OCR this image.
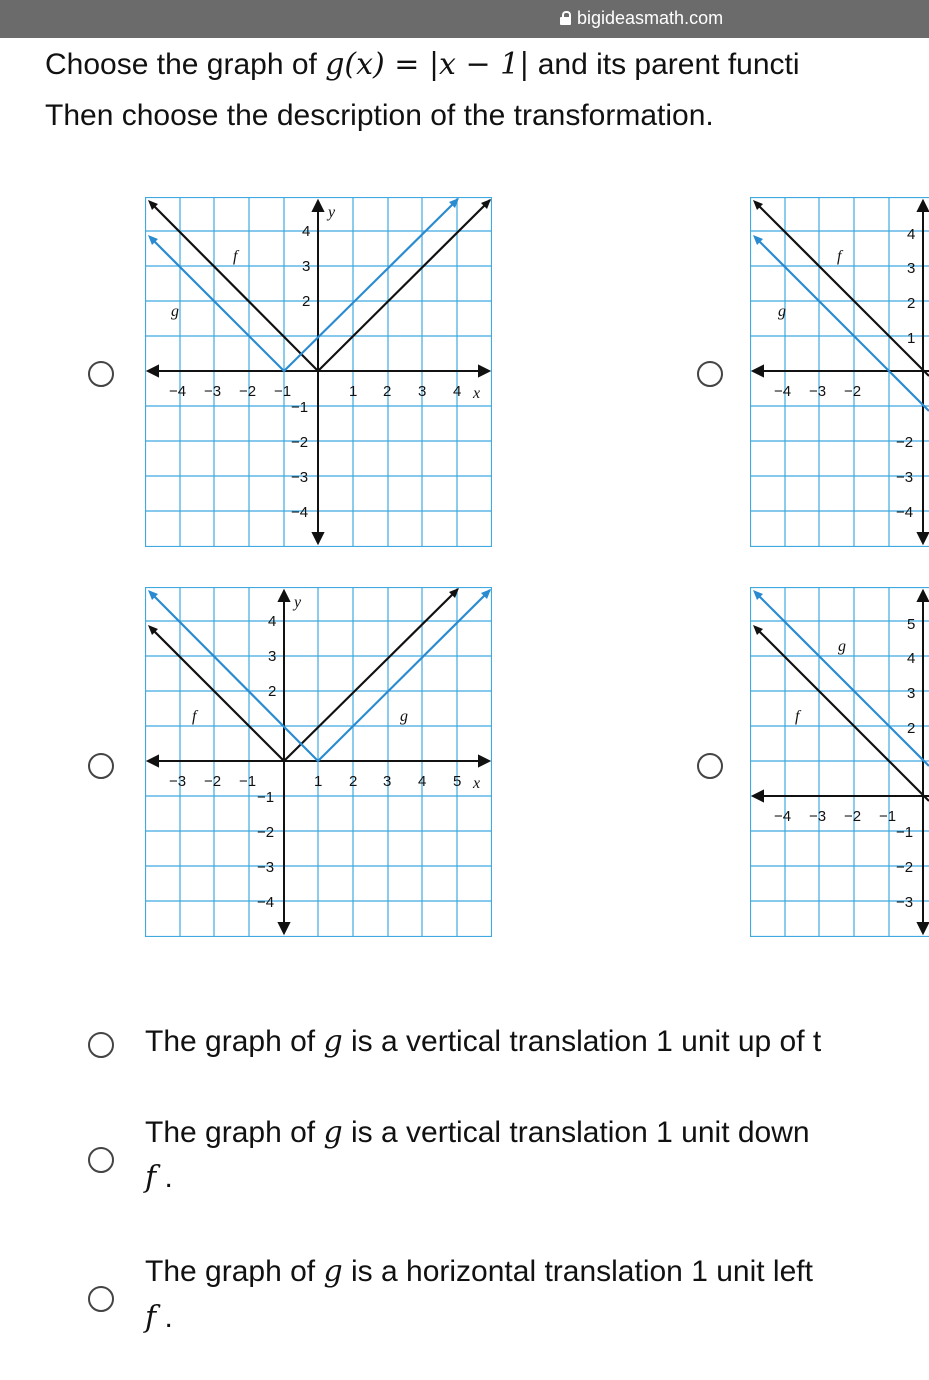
bigideasmath.com
Choose the graph of g(x) = |x − 1| and its parent functi
Then choose the description of the transformation.
−4 −3 −2 −1	1 2 3 4 x
4
3
2
−1
−2
−3
−4
y
f
g
−4 −3 −2
4
3
2
1
−2
−3
−4
f
g
−3 −2 −1	1 2 3 4 5 x
4
3
2
−1
−2
−3
−4
y
f	g
−4 −3 −2 −1
5
4
3
2
−1
−2
−3
g
f
The graph of g is a vertical translation 1 unit up of t
The graph of g is a vertical translation 1 unit down
f .
The graph of g is a horizontal translation 1 unit left
f .
